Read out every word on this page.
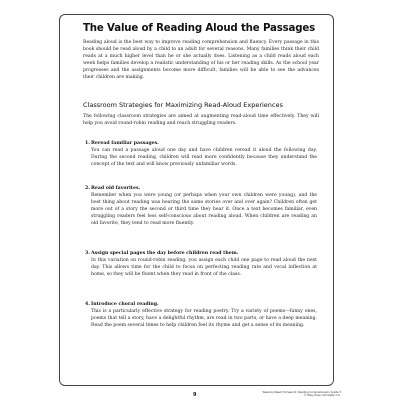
The Value of Reading Aloud the Passages
Reading aloud is the best way to improve reading comprehension and fluency. Every passage in this book should be read aloud by a child to an adult for several reasons. Many families think their child reads at a much higher level than he or she actually does. Listening as a child reads aloud each week helps families develop a realistic understanding of his or her reading skills. As the school year progresses and the assignments become more difficult, families will be able to see the advances their children are making.
Classroom Strategies for Maximizing Read-Aloud Experiences
The following classroom strategies are aimed at augmenting read-aloud time effectively. They will help you avoid round-robin reading and reach struggling readers.
1.Reread familiar passages.
You can read a passage aloud one day and have children reread it aloud the following day. During the second reading, children will read more confidently because they understand the concept of the text and will know previously unfamiliar words.
2.Read old favorites.
Remember when you were young (or perhaps when your own children were young), and the best thing about reading was hearing the same stories over and over again? Children often get more out of a story the second or third time they hear it. Once a text becomes familiar, even struggling readers feel less self-conscious about reading aloud. When children are reading an old favorite, they tend to read more fluently.
3.Assign special pages the day before children read them.
In this variation on round-robin reading, you assign each child one page to read aloud the next day. This allows time for the child to focus on perfecting reading rate and vocal inflection at home, so they will be fluent when they read in front of the class.
4.Introduce choral reading.
This is a particularly effective strategy for reading poetry. Try a variety of poems—funny ones, poems that tell a story, have a delightful rhythm, are read in two parts, or have a deep meaning. Read the poem several times to help children feel its rhyme and get a sense of its meaning.
9	Week-by-Week Homework: Reading Comprehension Grade 3
© Mary Rose, Scholastic Inc.
